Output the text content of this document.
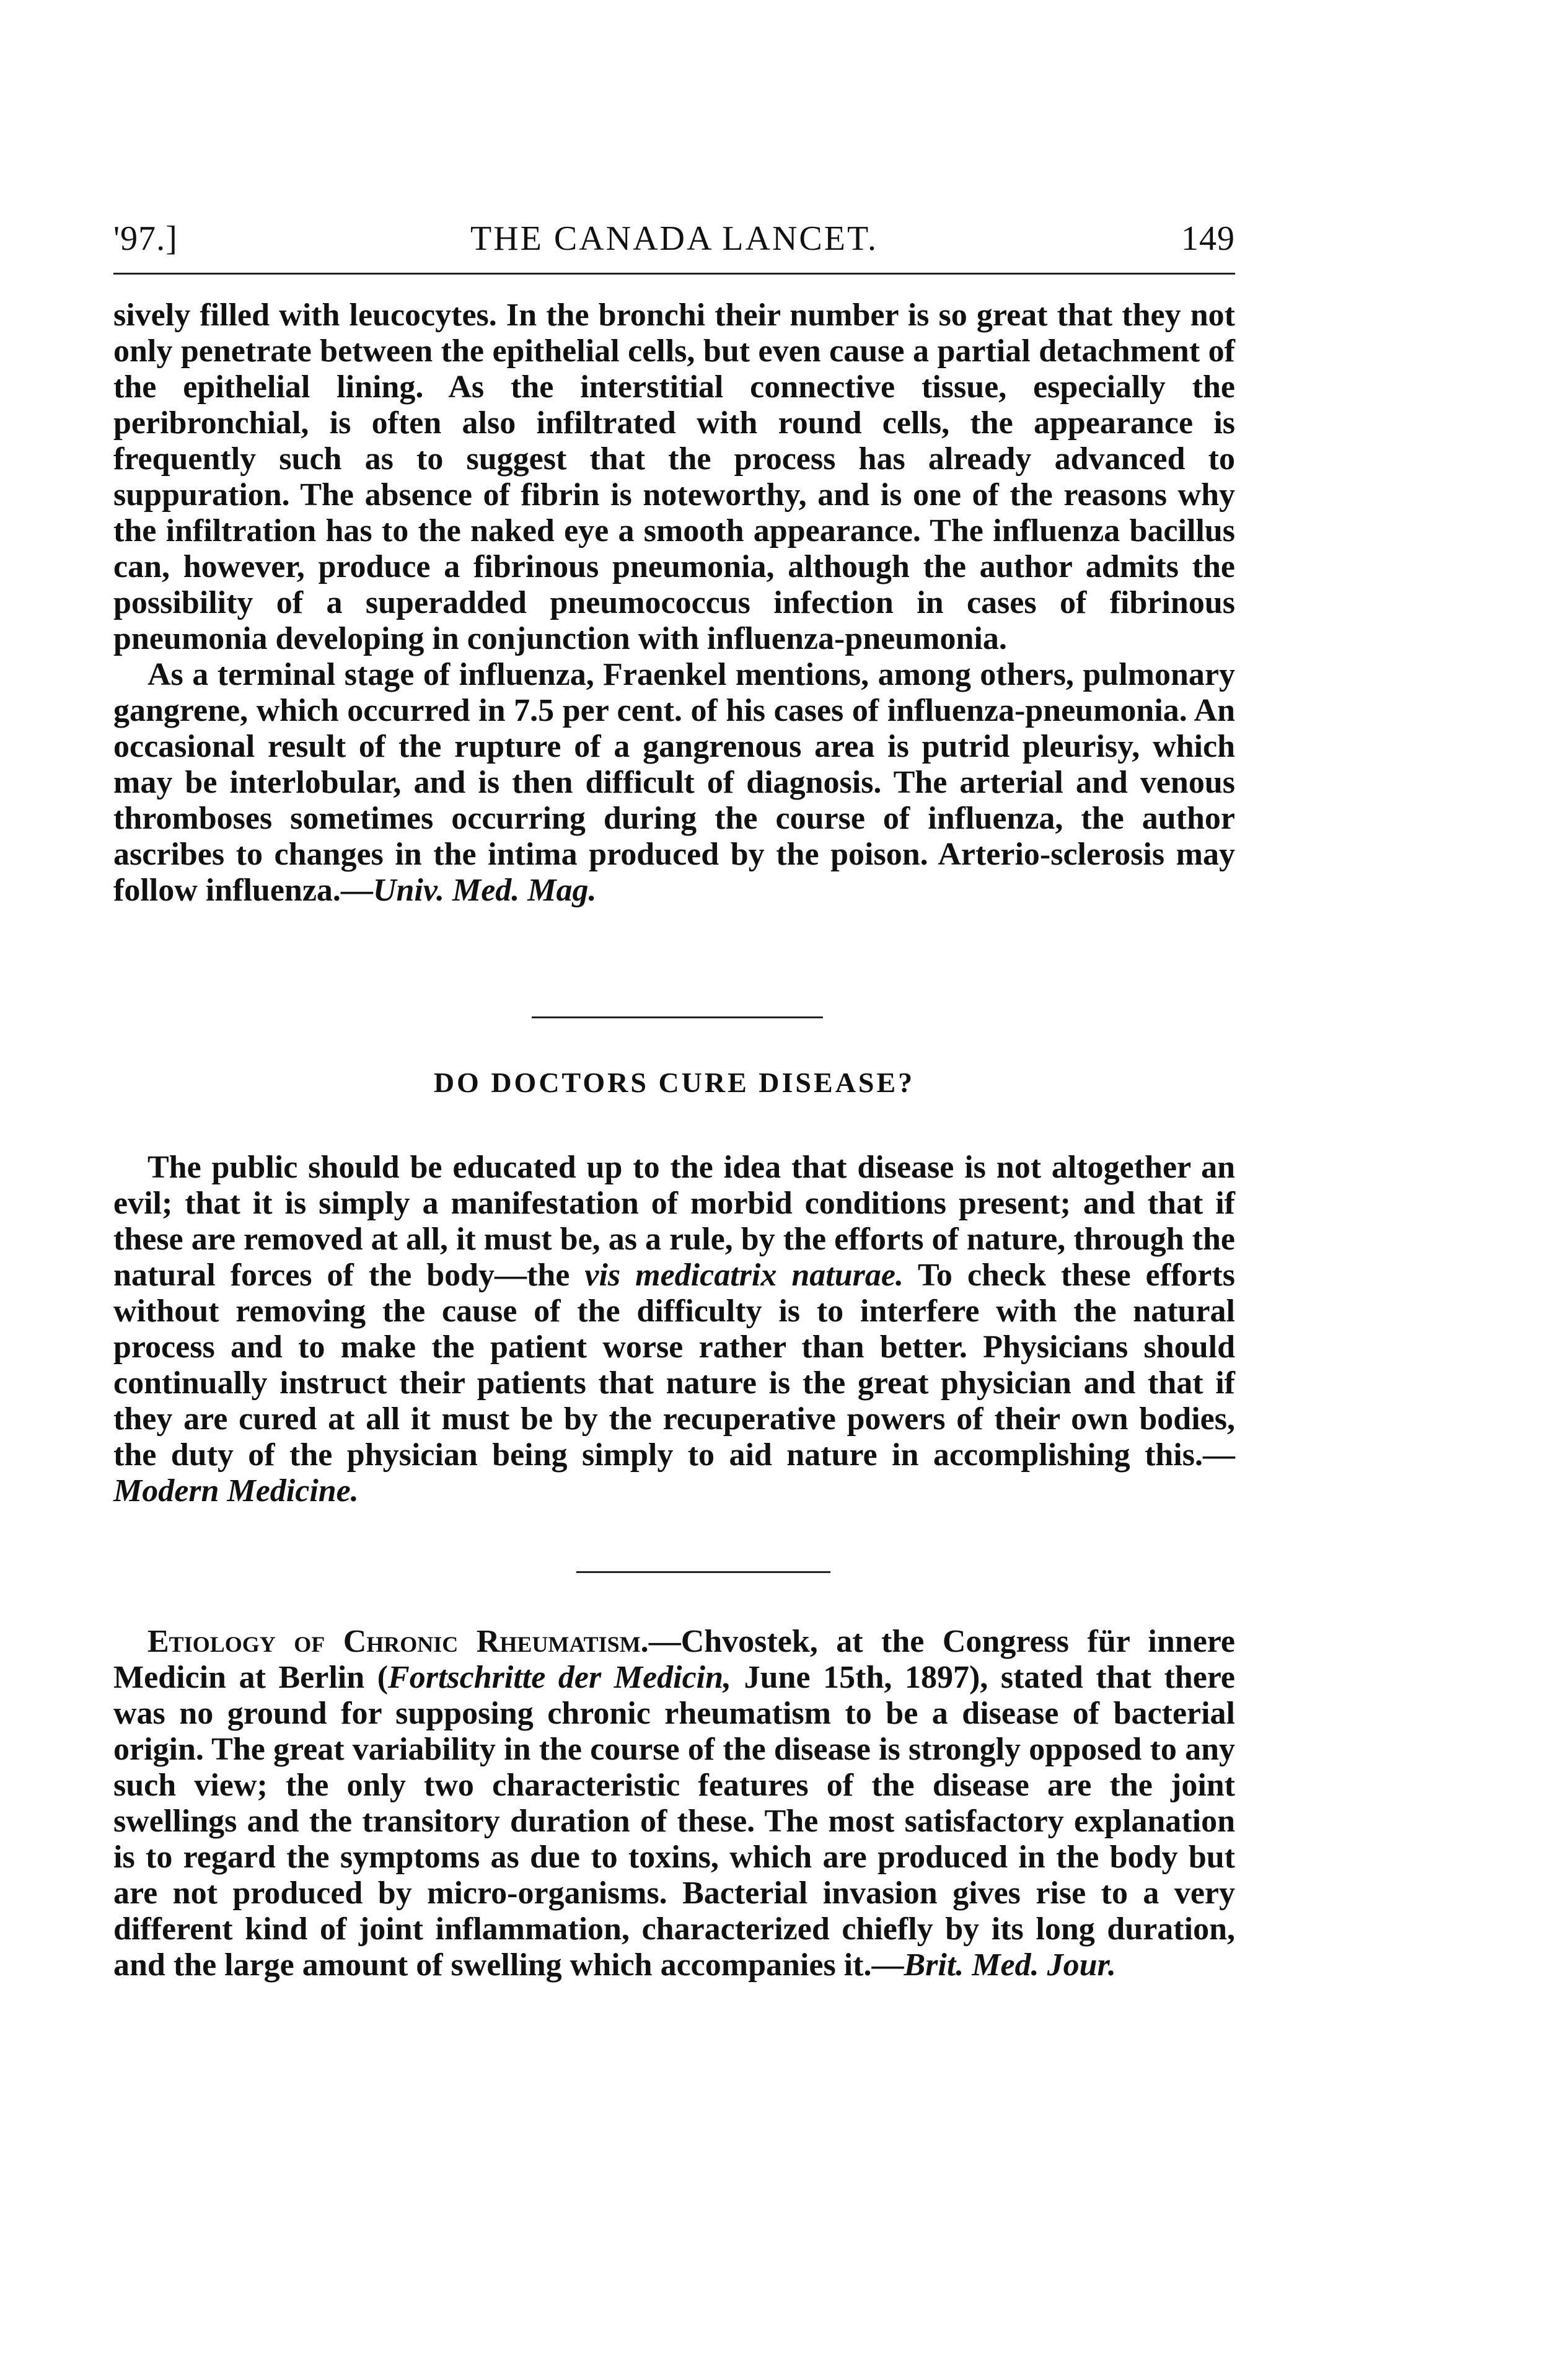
'97.]	THE CANADA LANCET.	149

sively filled with leucocytes. In the bronchi their number is so great that they not only penetrate between the epithelial cells, but even cause a partial detachment of the epithelial lining. As the interstitial connective tissue, especially the peribronchial, is often also infiltrated with round cells, the appearance is frequently such as to suggest that the process has already advanced to suppuration. The absence of fibrin is noteworthy, and is one of the reasons why the infiltration has to the naked eye a smooth appearance. The influenza bacillus can, however, produce a fibrinous pneumonia, although the author admits the possibility of a superadded pneumococcus infection in cases of fibrinous pneumonia developing in conjunction with influenza-pneumonia.

As a terminal stage of influenza, Fraenkel mentions, among others, pulmonary gangrene, which occurred in 7.5 per cent. of his cases of influenza-pneumonia. An occasional result of the rupture of a gangrenous area is putrid pleurisy, which may be interlobular, and is then difficult of diagnosis. The arterial and venous thromboses sometimes occurring during the course of influenza, the author ascribes to changes in the intima produced by the poison. Arterio-sclerosis may follow influenza.—Univ. Med. Mag.

DO DOCTORS CURE DISEASE?

The public should be educated up to the idea that disease is not altogether an evil; that it is simply a manifestation of morbid conditions present; and that if these are removed at all, it must be, as a rule, by the efforts of nature, through the natural forces of the body—the vis medicatrix naturae. To check these efforts without removing the cause of the difficulty is to interfere with the natural process and to make the patient worse rather than better. Physicians should continually instruct their patients that nature is the great physician and that if they are cured at all it must be by the recuperative powers of their own bodies, the duty of the physician being simply to aid nature in accomplishing this.—Modern Medicine.

Etiology of Chronic Rheumatism.—Chvostek, at the Congress für innere Medicin at Berlin (Fortschritte der Medicin, June 15th, 1897), stated that there was no ground for supposing chronic rheumatism to be a disease of bacterial origin. The great variability in the course of the disease is strongly opposed to any such view; the only two characteristic features of the disease are the joint swellings and the transitory duration of these. The most satisfactory explanation is to regard the symptoms as due to toxins, which are produced in the body but are not produced by micro-organisms. Bacterial invasion gives rise to a very different kind of joint inflammation, characterized chiefly by its long duration, and the large amount of swelling which accompanies it.—Brit. Med. Jour.
